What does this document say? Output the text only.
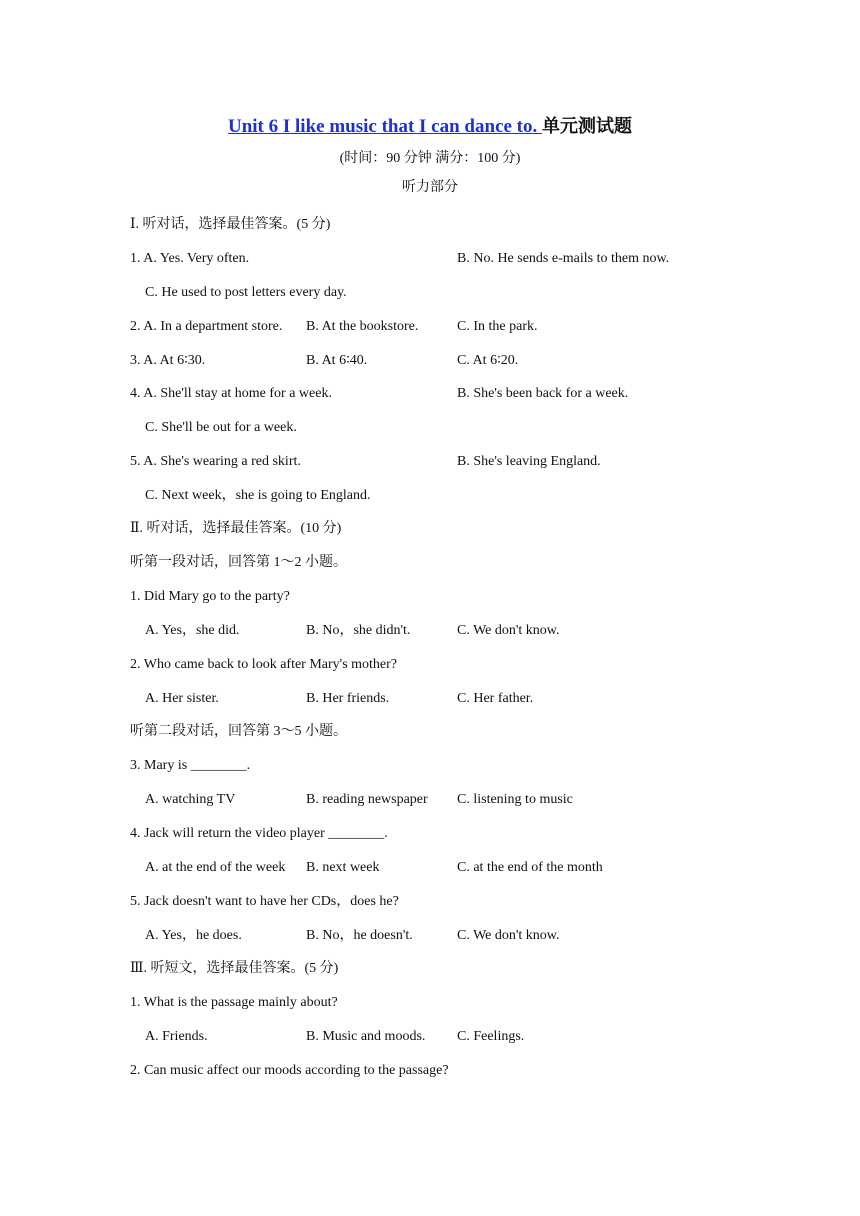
Unit 6 I like music that I can dance to. 单元测试题
(时间：90 分钟 满分：100 分)
听力部分
Ⅰ. 听对话，选择最佳答案。(5 分)
1. A. Yes. Very often.	B. No. He sends e-mails to them now.
C. He used to post letters every day.
2. A. In a department store. B. At the bookstore.	C. In the park.
3. A. At 6∶30.	B. At 6∶40.	C. At 6∶20.
4. A. She'll stay at home for a week.	B. She's been back for a week.
C. She'll be out for a week.
5. A. She's wearing a red skirt.	B. She's leaving England.
C. Next week，she is going to England.
Ⅱ. 听对话，选择最佳答案。(10 分)
听第一段对话，回答第 1～2 小题。
1. Did Mary go to the party?
A. Yes，she did.	B. No，she didn't.	C. We don't know.
2. Who came back to look after Mary's mother?
A. Her sister.	B. Her friends.	C. Her father.
听第二段对话，回答第 3～5 小题。
3. Mary is ________.
A. watching TV	B. reading newspaper C. listening to music
4. Jack will return the video player ________.
A. at the end of the week B. next week	C. at the end of the month
5. Jack doesn't want to have her CDs，does he?
A. Yes，he does.	B. No，he doesn't.	C. We don't know.
Ⅲ. 听短文，选择最佳答案。(5 分)
1. What is the passage mainly about?
A. Friends.	B. Music and moods. C. Feelings.
2. Can music affect our moods according to the passage?
